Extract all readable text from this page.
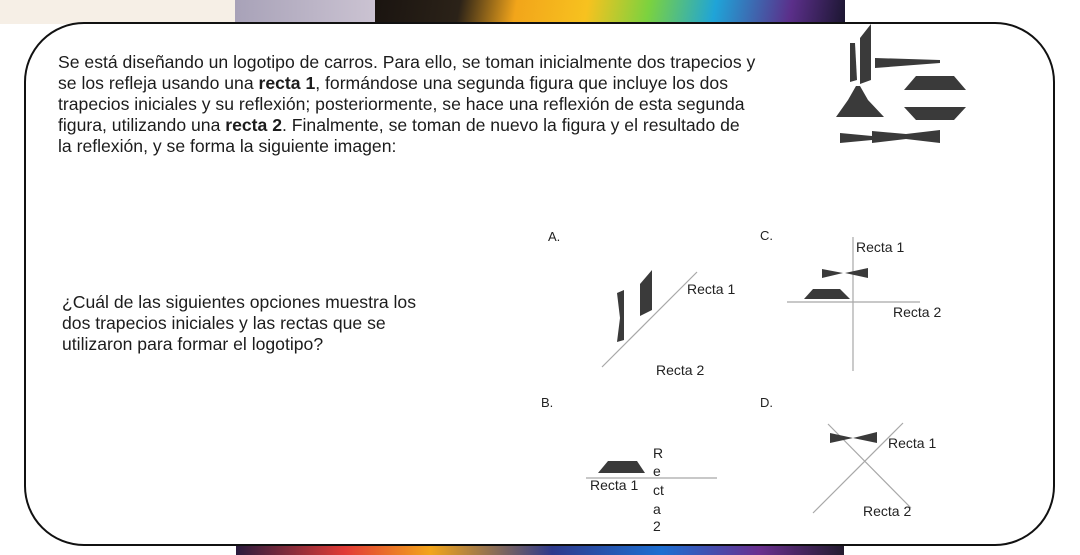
Se está diseñando un logotipo de carros. Para ello, se toman inicialmente dos trapecios y se los refleja usando una recta 1, formándose una segunda figura que incluye los dos trapecios iniciales y su reflexión; posteriormente, se hace una reflexión de esta segunda figura, utilizando una recta 2. Finalmente, se toman de nuevo la figura y el resultado de la reflexión, y se forma la siguiente imagen:

¿Cuál de las siguientes opciones muestra los dos trapecios iniciales y las rectas que se utilizaron para formar el logotipo?

A.
Recta 1
Recta 2
B.
Recta 1
R
e
ct
a
2
C.
Recta 1
Recta 2
D.
Recta 1
Recta 2
